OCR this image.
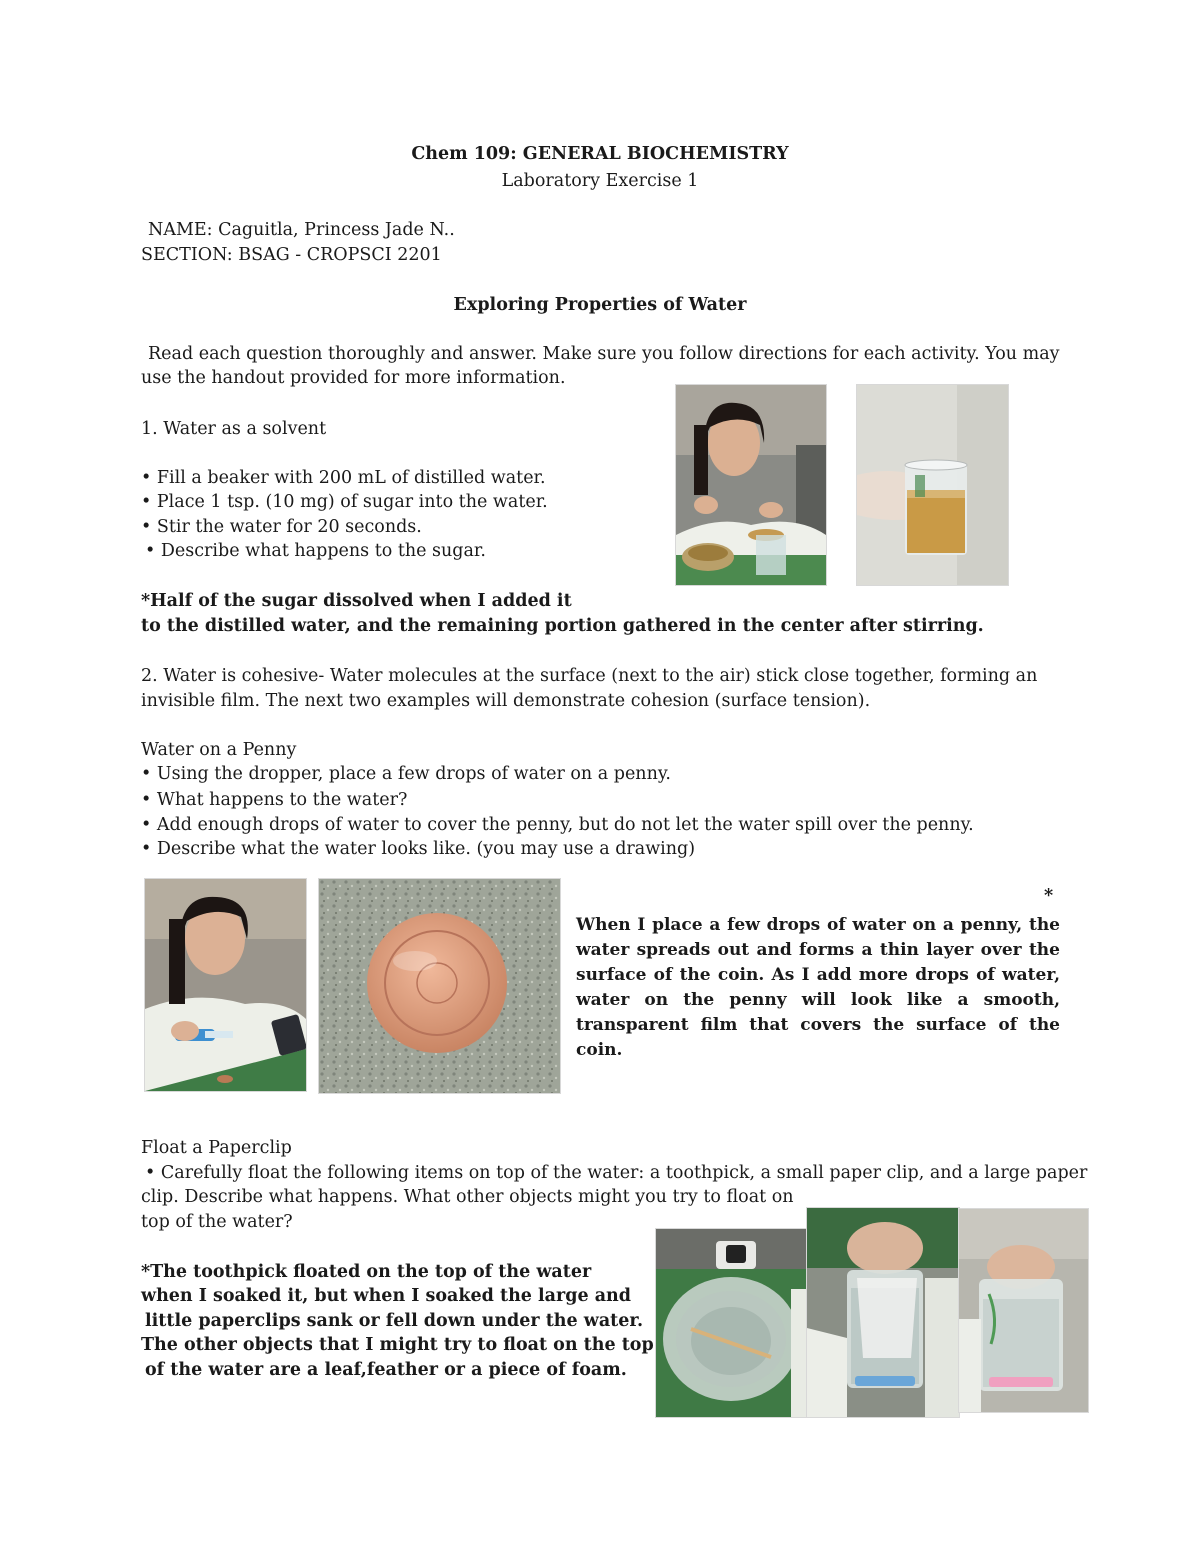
Chem 109: GENERAL BIOCHEMISTRY
Laboratory Exercise 1
NAME: Caguitla, Princess Jade N..
SECTION: BSAG - CROPSCI 2201
Exploring Properties of Water
Read each question thoroughly and answer. Make sure you follow directions for each activity. You may
use the handout provided for more information.
1. Water as a solvent
• Fill a beaker with 200 mL of distilled water.
• Place 1 tsp. (10 mg) of sugar into the water.
• Stir the water for 20 seconds.
• Describe what happens to the sugar.
*Half of the sugar dissolved when I added it
to the distilled water, and the remaining portion gathered in the center after stirring.
2. Water is cohesive- Water molecules at the surface (next to the air) stick close together, forming an
invisible film. The next two examples will demonstrate cohesion (surface tension).
Water on a Penny
• Using the dropper, place a few drops of water on a penny.
• What happens to the water?
• Add enough drops of water to cover the penny, but do not let the water spill over the penny.
• Describe what the water looks like. (you may use a drawing)
*
When I place a few drops of water on a penny, the water spreads out and forms a thin layer over the surface of the coin. As I add more drops of water, water on the penny will look like a smooth, transparent film that covers the surface of the coin.
Float a Paperclip
• Carefully float the following items on top of the water: a toothpick, a small paper clip, and a large paper
clip. Describe what happens. What other objects might you try to float on
top of the water?
*The toothpick floated on the top of the water
when I soaked it, but when I soaked the large and
little paperclips sank or fell down under the water.
The other objects that I might try to float on the top
of the water are a leaf,feather or a piece of foam.
